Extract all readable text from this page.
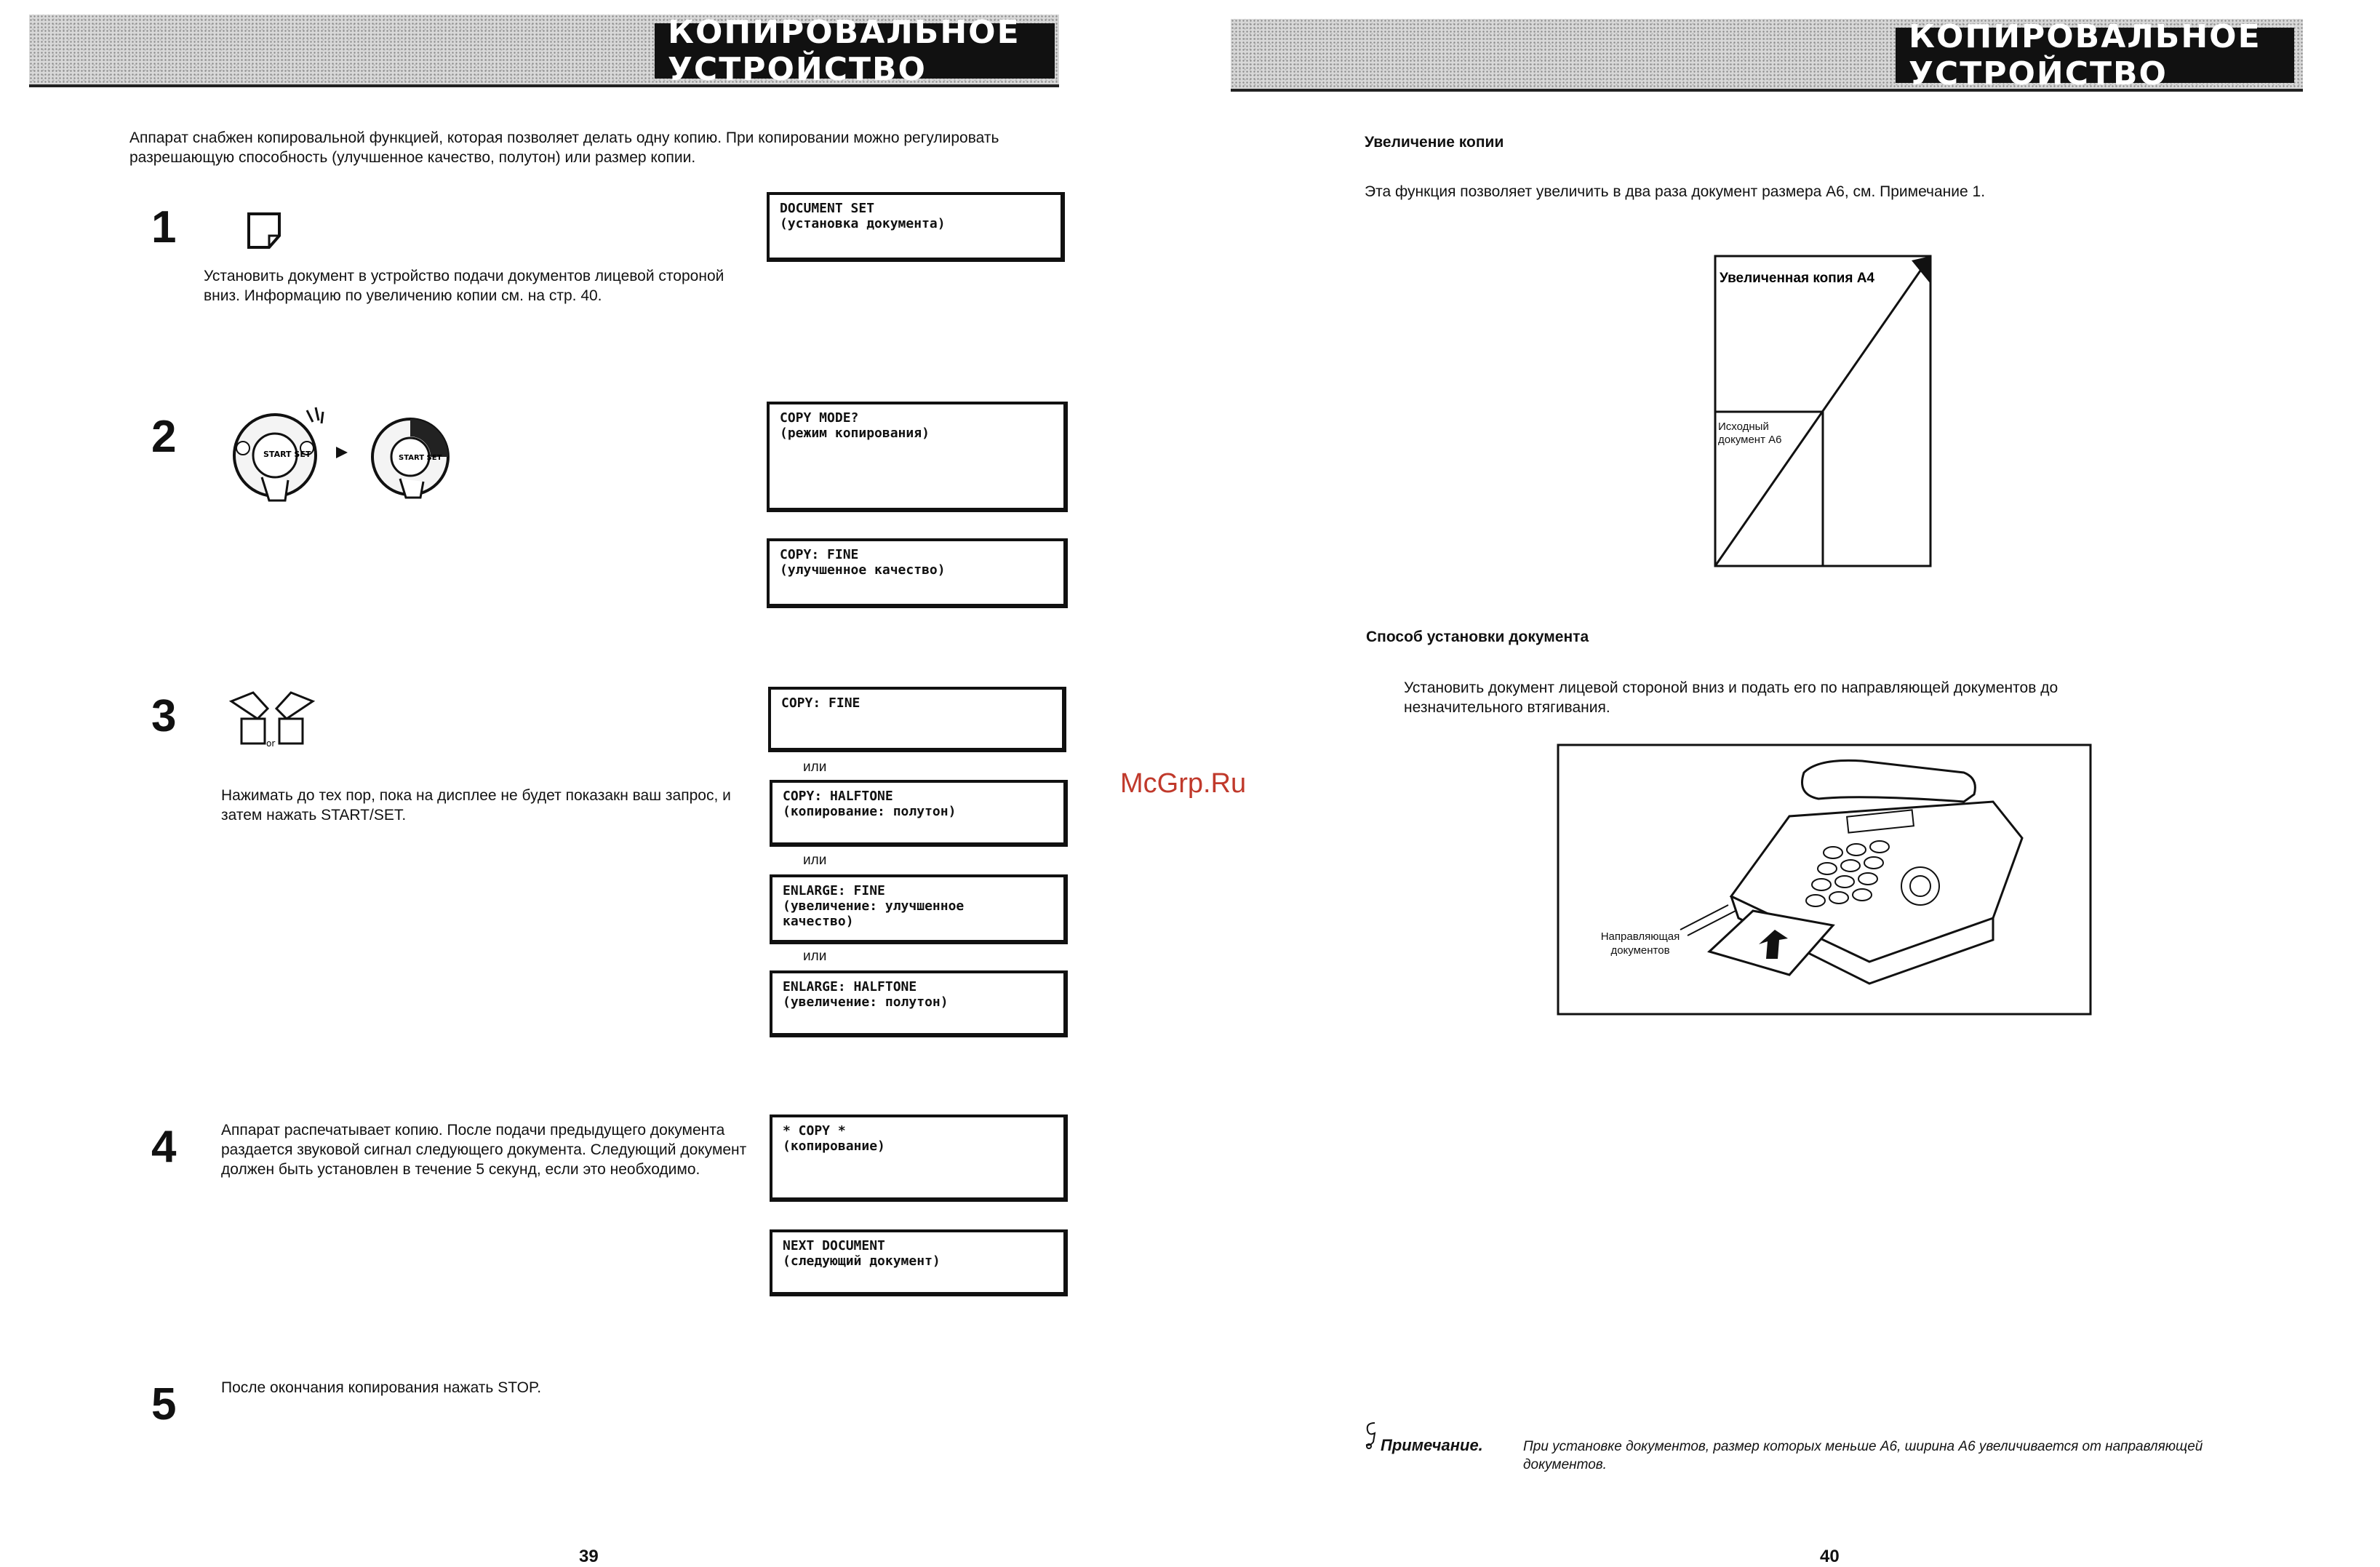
КОПИРОВАЛЬНОЕ УСТРОЙСТВО
Аппарат снабжен копировальной функцией, которая позволяет делать одну копию. При копировании можно регулировать разрешающую способность (улучшенное качество, полутон) или размер копии.
1
Установить документ в устройство подачи документов лицевой стороной вниз. Информацию по увеличению копии см. на стр. 40.
DOCUMENT SET
(установка документа)
2	START SET	START SET
COPY MODE?
(режим копирования)
COPY: FINE
(улучшенное качество)
3
or
Нажимать до тех пор, пока на дисплее не будет показакн ваш запрос, и затем нажать START/SET.
COPY: FINE
или
COPY: HALFTONE
(копирование: полутон)
или
ENLARGE: FINE
(увеличение: улучшенное
качество)
или
ENLARGE: HALFTONE
(увеличение: полутон)
4	Аппарат распечатывает копию. После подачи предыдущего документа раздается звуковой сигнал следующего документа. Следующий документ должен быть установлен в течение 5 секунд, если это необходимо.
* COPY *
(копирование)
NEXT DOCUMENT
(следующий документ)
5	После окончания копирования нажать STOP.
39
КОПИРОВАЛЬНОЕ УСТРОЙСТВО
Увеличение копии
Эта функция позволяет увеличить в два раза документ размера А6, см. Примечание 1.
Увеличенная копия А4
Исходный документ А6
Способ установки документа
Установить документ лицевой стороной вниз и подать его по направляющей документов до незначительного втягивания.
Направляющая документов
Примечание.	При установке документов, размер которых меньше А6, ширина А6 увеличивается от направляющей документов.
40
McGrp.Ru
